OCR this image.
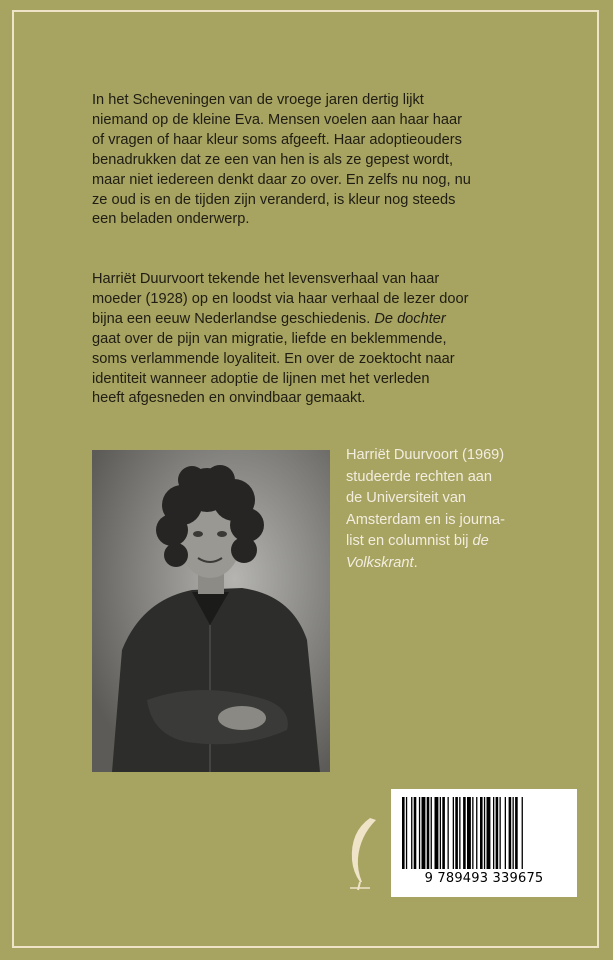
In het Scheveningen van de vroege jaren dertig lijkt
niemand op de kleine Eva. Mensen voelen aan haar haar
of vragen of haar kleur soms afgeeft. Haar adoptieouders
benadrukken dat ze een van hen is als ze gepest wordt,
maar niet iedereen denkt daar zo over. En zelfs nu nog, nu
ze oud is en de tijden zijn veranderd, is kleur nog steeds
een beladen onderwerp.

Harriët Duurvoort tekende het levensverhaal van haar
moeder (1928) op en loodst via haar verhaal de lezer door
bijna een eeuw Nederlandse geschiedenis. De dochter
gaat over de pijn van migratie, liefde en beklemmende,
soms verlammende loyaliteit. En over de zoektocht naar
identiteit wanneer adoptie de lijnen met het verleden
heeft afgesneden en onvindbaar gemaakt.

Harriët Duurvoort (1969)
studeerde rechten aan
de Universiteit van
Amsterdam en is journa-
list en columnist bij de
Volkskrant.

9 789493 339675
